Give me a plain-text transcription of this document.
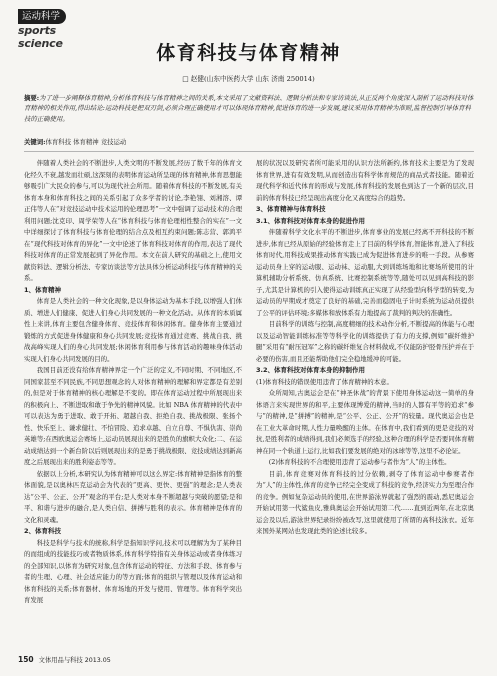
运动科学
sports science	体育科技与体育精神
□ 赵健(山东中医药大学 山东 济南 250014)
摘要:为了进一步阐释体育精神,分析体育科技与体育精神之间的关系,本文采用了文献资料法、逻辑分析法和专家访谈法,从正反两个角度深入剖析了运动科技对体育精神的相关作用,得出结论:运动科技是把双刃剑,必须合理正确使用才可以体现体育精神,促进体育的进一步发展,建议采用体育精神为准则,监督控制引导体育科技的正确使用。
关键词:体育科技 体育精神 竞技运动

伴随着人类社会的不断进步,人类文明的不断发展,经历了数千年的体育文化经久不衰,越发而壮硕,这深刻的表明体育运动所呈现的体育精神,体育思想能够吸引广大民众的参与,可以为现代社会所用。随着体育科技的不断发展,有关体育本身和体育科技之间的关系引起了众多学者的讨论,李艳翎、刘湘溶、谭正伟等人在“对竞技运动中技术运用的伦理思考”一文中强调了运动技术的合理利用问题;沈克印、周学荣等人在“体育科技与体育伦理相性整合的实在”一文中详细探讨了体育科技与体育伦理的结合点及相互约束问题;陈志营、郭鸿平在“现代科技对体育的异化”一文中论述了体育科技对体育的作用,表达了现代科技对体育的正常发展起到了异化作用。本文在前人研究的基础之上,使用文献资料法、逻辑分析法、专家访谈法等方法具体分析运动科技与体育精神的关系。

1、体育精神

体育是人类社会的一种文化现象,是以身体运动为基本手段,以增强人们体质、增进人们健康、促进人们身心共同发展的一种文化活动。从体育的本质属性上来讲,体育主要包含健身体育、竞技体育和休闲体育。健身体育主要通过锻炼的方式促进身体健康和身心共同发展;竞技体育通过竞赛、挑战自我、挑战高峰实现人们的身心共同发展;休闲体育利用参与体育活动的趣味身体活动实现人们身心共同发展的目的。

我国目前还没有给体育精神界定一个广泛的定义,不同时期、不同地区,不同国家甚至不同民族,不同思想观念的人对体育精神的理解和界定都是有差别的,但是对于体育精神的核心理解是不变的。即在体育运动过程中所展现出来的积极向上、不断进取和敢于争先的精神风貌。比如 NBA 体育精神的代表中可以表达为勇于进取、敢于开拓、超越自我、拒绝自我、挑战极限、张扬个性、快乐至上、谦求健壮、不怕冒险、追求卓越、自立自尊、不惧仇害、崇尚英雄等;在西欧奥运会赛场上,运动员展现出来的是胜负的旗帜大众化;二、在运动成绩达到一个新台阶以后则展现出来的是勇于挑战极限、竞技成绩达到新高度之后展现出来的胜利姿态等等。

依据以上分析,本研究认为体育精神可以这么界定:体育精神是指体育的整体面貌,是以奥林匹克运动会为代表的“更高、更快、更强”的理念;是人类表达“公平、公正、公开”观念的平台;是人类对本身不断超越与突破的愿望;是和平、和谐与进步的融合,是人类自信、拼搏与胜利的表示。体育精神是体育的文化和灵魂。

2、体育科技

科技是科学与技术的统称,科学是指知识学问,技术可以理解为为了某种目的而组成的技能技巧或者物质体系,体育科学特指有关身体运动或者身体练习的全部知识,以体育为研究对象,包含体育运动的特征、方法和手段、体育参与者的生理、心理、社会适应能力的等方面;体育的组织与管理以及体育运动和体育科技的关系;体育器材、体育场地的开发与使用、管理等。体育科学突出育发展

展的状况以及研究者所可能采用的认识方法所新约,体育技术主要是为了发现体育世界,进有有效发明,从而创造出有科学体育规范的商品式者技能。随着近现代科学和近代体育的形成与发展,体育科技的发展也到达了一个新的层次,目前的体育科技已经呈现出高度分化又高度综合的趋势。

3、体育精神与体育科技
3.1、体育科技对体育本身的促进作用

伴随着科学文化水平的不断进步,体育事业的发展已经离不开科技的不断进步,体育已经从原始的经验体育走上了目前的科学体育,智能体育,进入了科技体育时代,用科技成果推动体育实践已成为促进体育进步的唯一手段。从参赛运动员身上穿的运动服、运动袜、运动服,大到训练场地和比赛场所使用的计算机辅助分析系统、仿真系统、比赛控制系统等等,随处可以见到高科技的影子,尤其是计算机的引入使得运动训练真正实现了从经验型向科学型的转变,为运动员的早期成才奠定了良好的基础,完善而稳固电子计时系统为运动员提供了公平的评估环境;多媒体和放体系有力地提高了裁判的判决的准确性。

目前科学的训练与控制,高度精细的技术动作分析,不断提高的体能与心理以及运动智能训练标准等等科学化的训练提供了有力的支撑,例如“碳纤维护腿”采用有“耐压冠军”之称的碳纤维复合材料做成,不仅能防护胫骨压护并在于必要的伤害,而且还能帮助他们完全稳地缓冲的可能。

3.2、体育科技对体育本身的抑制作用

(1)体育科技的错误使用违背了体育精神的本意。

众所周知,古奥运会是在“神圣休战”的背景下使用身体运动这一简单的身体语言来实现世界的和平,主要体现博爱的精神,当时的人都有平等的追求“参与”的精神,是“拼搏”的精神,是“公平、公正、公开”的较量。现代奥运会也是在工业大革命时期,人性力量唤醒的主体。在体育中,我们看到的更是竞技的对抗,是胜利者的成绩得到,我们必须选手的经验,这种合理的科学是否要同体育精神在同一个轨道上运行,比如我们要发展的绝对的冰球等等,这里不必论证。

(2)体育科技的不合理使用违背了运动参与者作为“人”的主体性。

目前,体育竞赛对体育科技的过分依赖,剥夺了体育运动中参赛者作为“人”的主体性,体育的竞争已经完全变成了科技的竞争,经济实力为至理合作的竞争。例如复杂运动员的使用,在世界游泳界就起了强烈的震动,悉尼奥运会开始试用第一代鲨鱼皮,雅典奥运会开始试用第二代……直到近两年,在北京奥运会及以后,游泳世界纪录纷纷被改写,这里就使用了所谓的高科技泳衣。近年来国外某网站也发现此类的论述比较多。

150 文体用品与科技 2013.05
